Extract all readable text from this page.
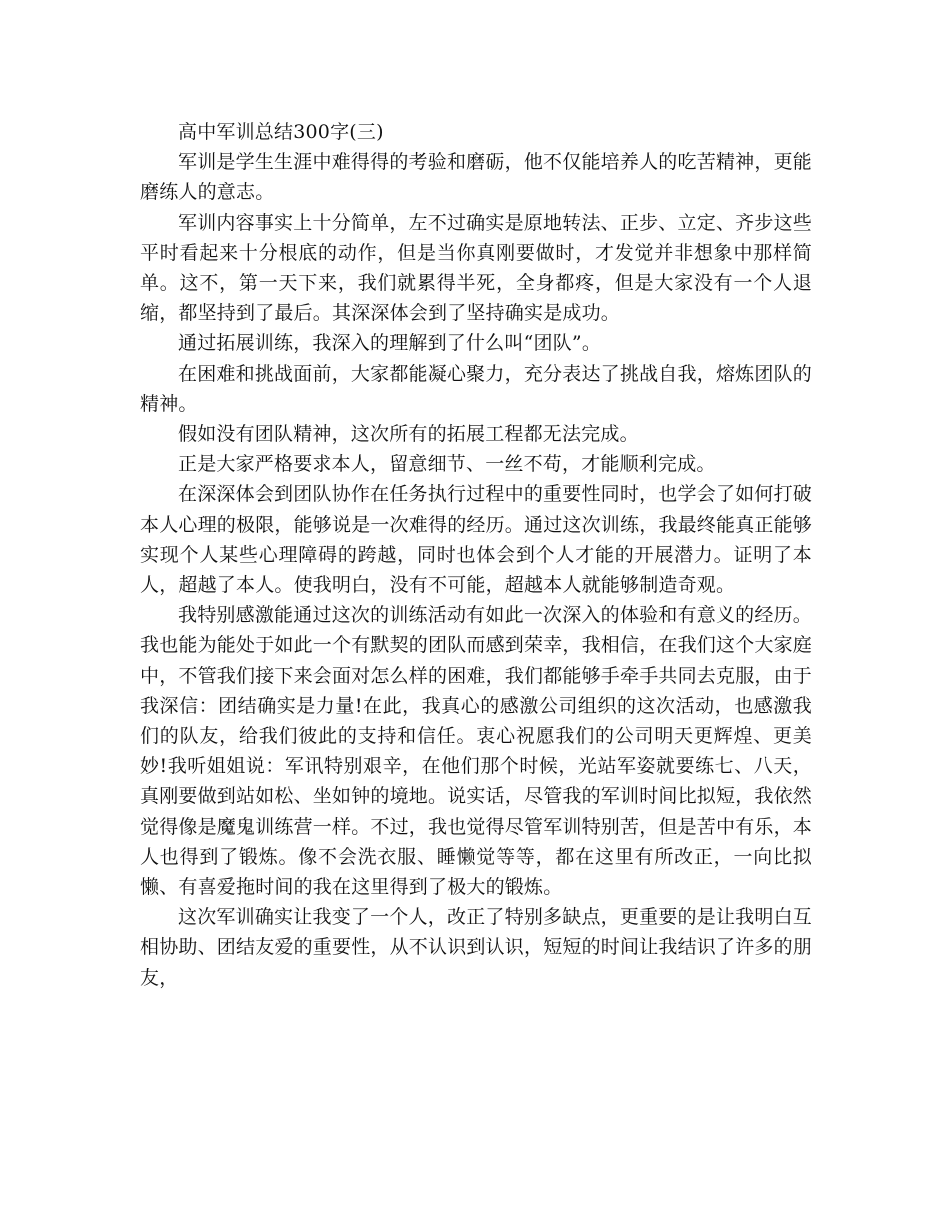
高中军训总结300字(三)

军训是学生生涯中难得得的考验和磨砺，他不仅能培养人的吃苦精神，更能磨练人的意志。

军训内容事实上十分简单，左不过确实是原地转法、正步、立定、齐步这些平时看起来十分根底的动作，但是当你真刚要做时，才发觉并非想象中那样简单。这不，第一天下来，我们就累得半死，全身都疼，但是大家没有一个人退缩，都坚持到了最后。其深深体会到了坚持确实是成功。

通过拓展训练，我深入的理解到了什么叫“团队”。

在困难和挑战面前，大家都能凝心聚力，充分表达了挑战自我，熔炼团队的精神。

假如没有团队精神，这次所有的拓展工程都无法完成。

正是大家严格要求本人，留意细节、一丝不苟，才能顺利完成。

在深深体会到团队协作在任务执行过程中的重要性同时，也学会了如何打破本人心理的极限，能够说是一次难得的经历。通过这次训练，我最终能真正能够实现个人某些心理障碍的跨越，同时也体会到个人才能的开展潜力。证明了本人，超越了本人。使我明白，没有不可能，超越本人就能够制造奇观。

我特别感激能通过这次的训练活动有如此一次深入的体验和有意义的经历。我也能为能处于如此一个有默契的团队而感到荣幸，我相信，在我们这个大家庭中，不管我们接下来会面对怎么样的困难，我们都能够手牵手共同去克服，由于我深信：团结确实是力量!在此，我真心的感激公司组织的这次活动，也感激我们的队友，给我们彼此的支持和信任。衷心祝愿我们的公司明天更辉煌、更美妙!我听姐姐说：军讯特别艰辛，在他们那个时候，光站军姿就要练七、八天，真刚要做到站如松、坐如钟的境地。说实话，尽管我的军训时间比拟短，我依然觉得像是魔鬼训练营一样。不过，我也觉得尽管军训特别苦，但是苦中有乐，本人也得到了锻炼。像不会洗衣服、睡懒觉等等，都在这里有所改正，一向比拟懒、有喜爱拖时间的我在这里得到了极大的锻炼。

这次军训确实让我变了一个人，改正了特别多缺点，更重要的是让我明白互相协助、团结友爱的重要性，从不认识到认识，短短的时间让我结识了许多的朋友，
